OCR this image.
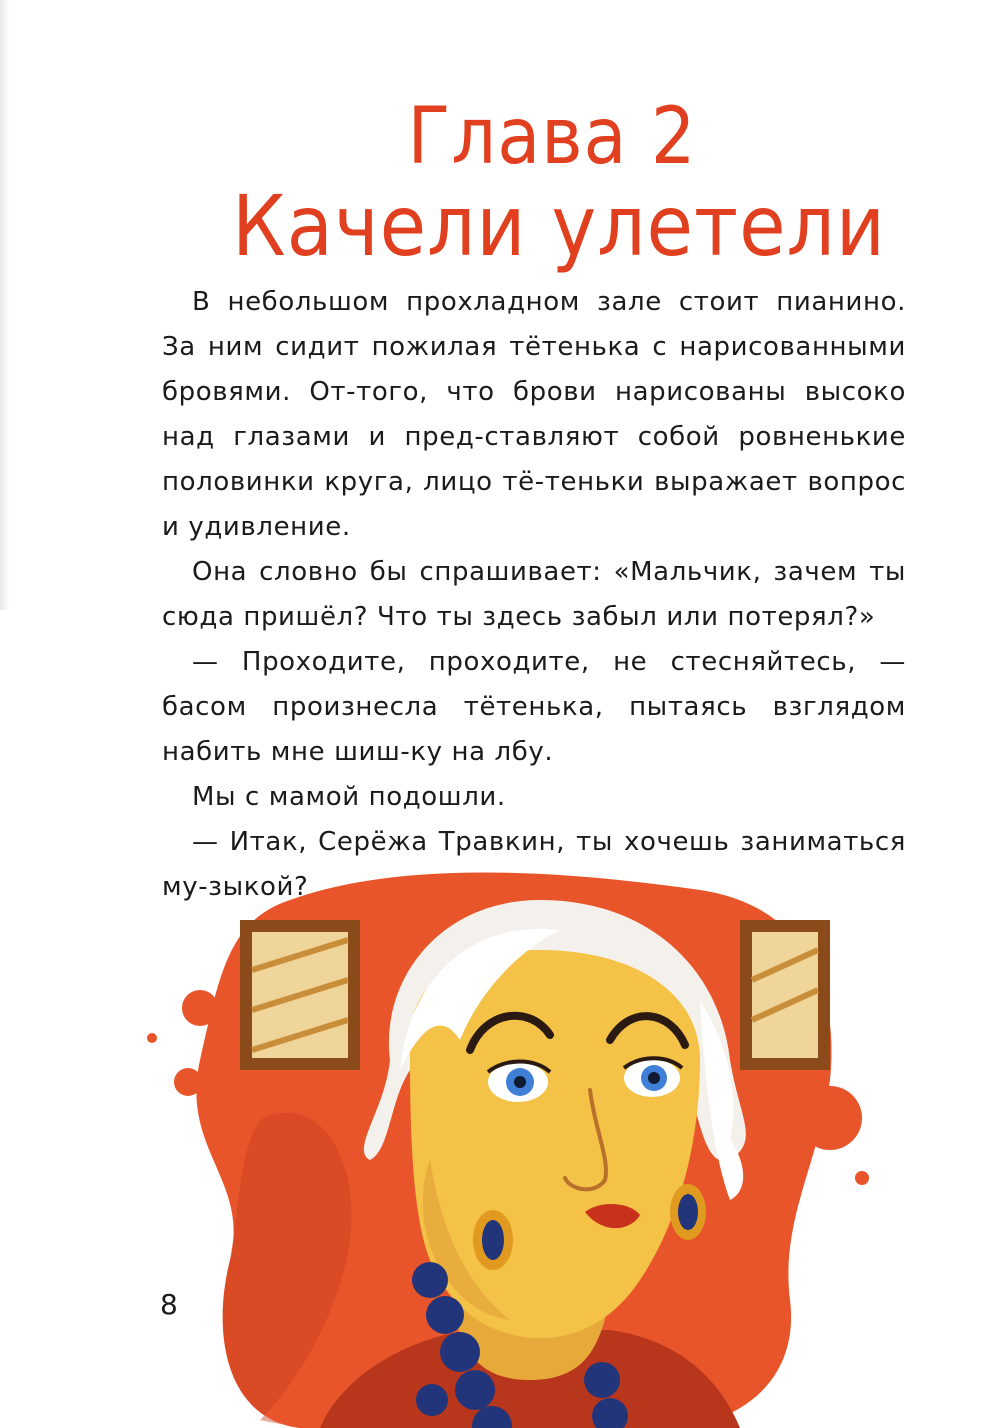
Глава 2
Качели улетели

В небольшом прохладном зале стоит пианино. За ним сидит пожилая тётенька с нарисованными бровями. От-того, что брови нарисованы высоко над глазами и пред-ставляют собой ровненькие половинки круга, лицо тё-теньки выражает вопрос и удивление.

Она словно бы спрашивает: «Мальчик, зачем ты сюда пришёл? Что ты здесь забыл или потерял?»

— Проходите, проходите, не стесняйтесь, — басом произнесла тётенька, пытаясь взглядом набить мне шиш-ку на лбу.

Мы с мамой подошли.

— Итак, Серёжа Травкин, ты хочешь заниматься му-зыкой?

8
